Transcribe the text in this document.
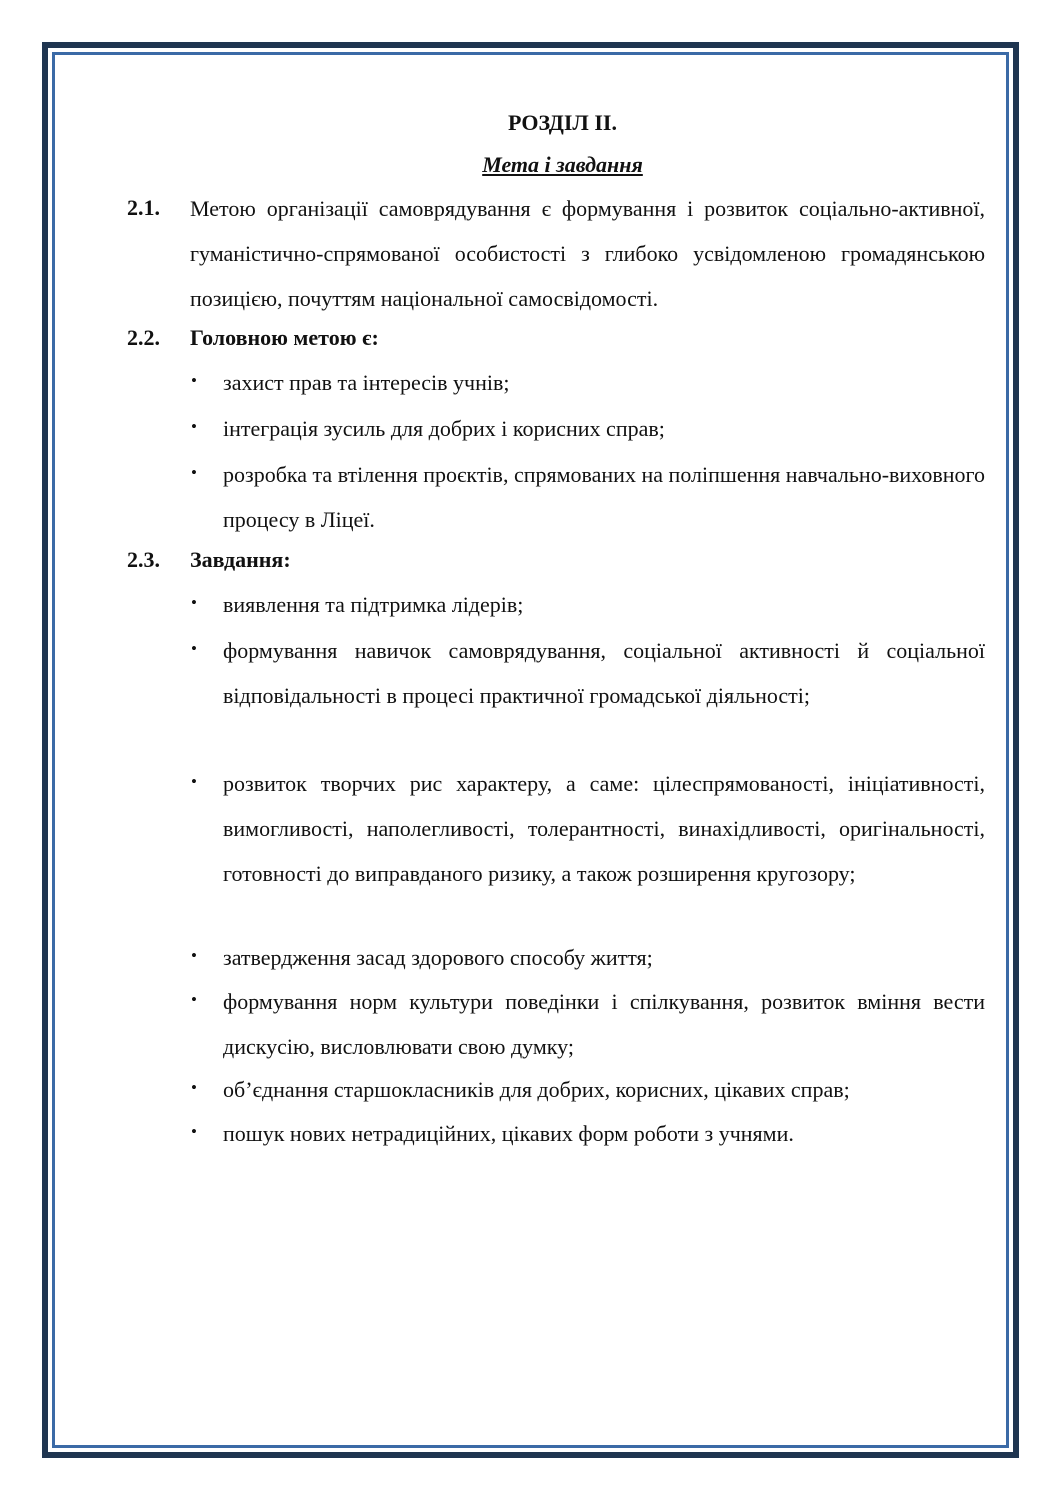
РОЗДІЛ ІІ.
Мета і завдання
2.1. Метою організації самоврядування є формування і розвиток соціально-активної, гуманістично-спрямованої особистості з глибоко усвідомленою громадянською позицією, почуттям національної самосвідомості.
2.2. Головною метою є:
• захист прав та інтересів учнів;
• інтеграція зусиль для добрих і корисних справ;
• розробка та втілення проєктів, спрямованих на поліпшення навчально-виховного процесу в Ліцеї.
2.3. Завдання:
• виявлення та підтримка лідерів;
• формування навичок самоврядування, соціальної активності й соціальної відповідальності в процесі практичної громадської діяльності;
• розвиток творчих рис характеру, а саме: цілеспрямованості, ініціативності, вимогливості, наполегливості, толерантності, винахідливості, оригінальності, готовності до виправданого ризику, а також розширення кругозору;
• затвердження засад здорового способу життя;
• формування норм культури поведінки і спілкування, розвиток вміння вести дискусію, висловлювати свою думку;
• об’єднання старшокласників для добрих, корисних, цікавих справ;
• пошук нових нетрадиційних, цікавих форм роботи з учнями.
